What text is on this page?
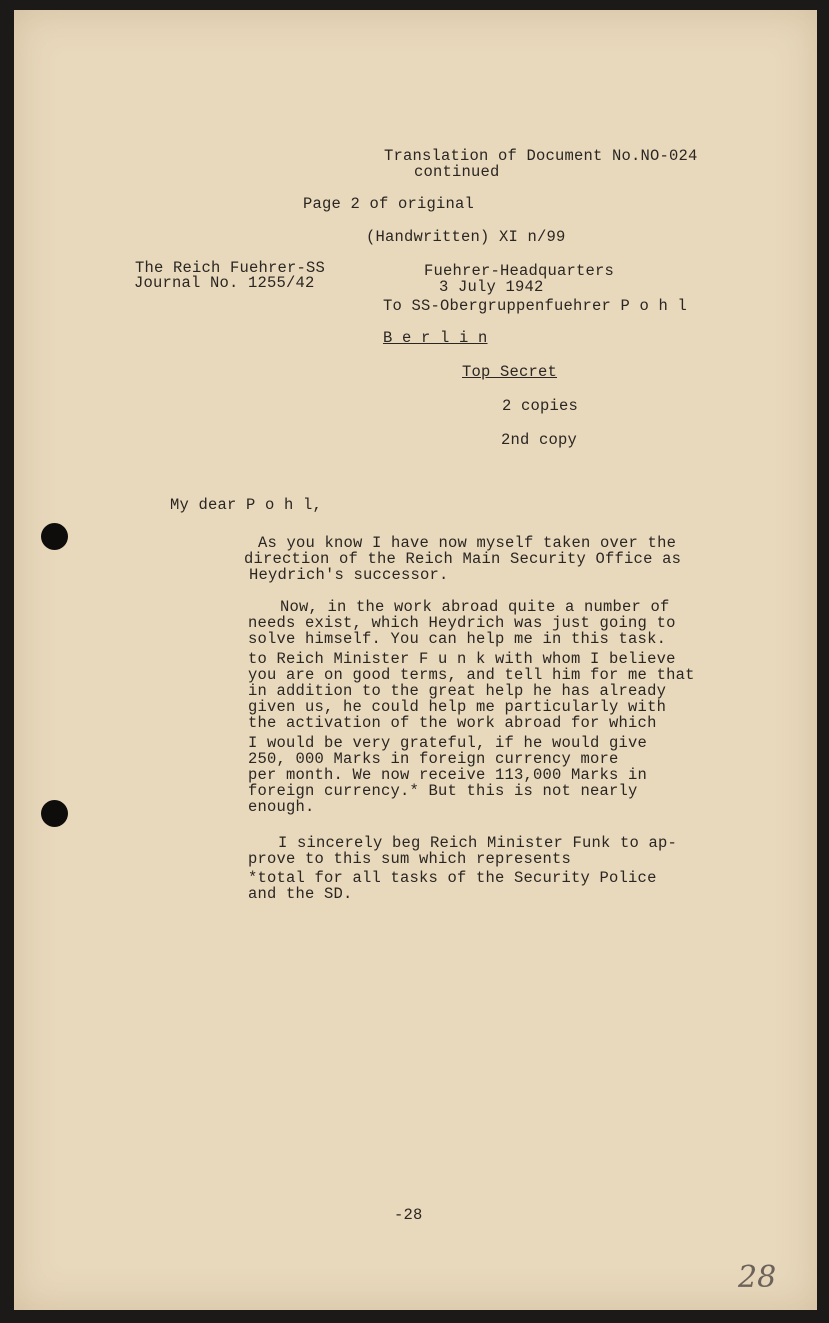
Translation of Document No.NO-024
continued
Page 2 of original
(Handwritten) XI n/99
The Reich Fuehrer-SS
Journal No. 1255/42
Fuehrer-Headquarters
3 July 1942
To SS-Obergruppenfuehrer P o h l
B e r l i n
Top Secret
2 copies
2nd copy
My dear P o h l,
As you know I have now myself taken over the
direction of the Reich Main Security Office as
Heydrich's successor.
Now, in the work abroad quite a number of
needs exist, which Heydrich was just going to
solve himself. You can help me in this task.
to Reich Minister F u n k with whom I believe
you are on good terms, and tell him for me that
in addition to the great help he has already
given us, he could help me particularly with
the activation of the work abroad for which
I would be very grateful, if he would give
250, 000 Marks in foreign currency more
per month. We now receive 113,000 Marks in
foreign currency.* But this is not nearly
enough.
I sincerely beg Reich Minister Funk to ap-
prove to this sum which represents
*total for all tasks of the Security Police
and the SD.
-28
28
